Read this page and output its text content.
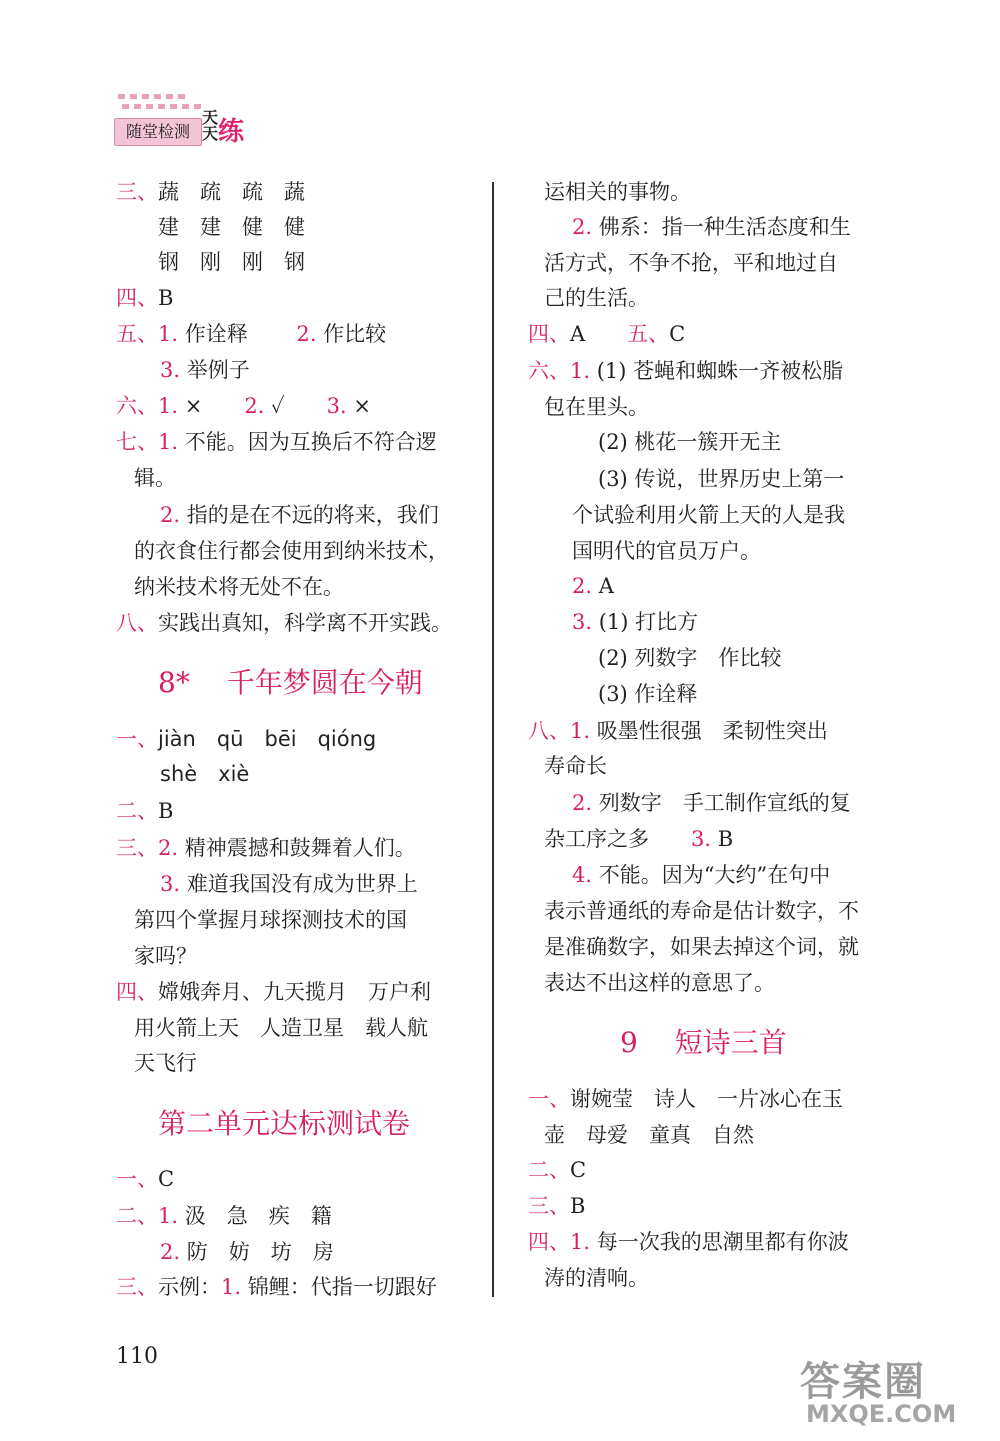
随堂检测
天天 练
三、蔬　疏　疏　蔬
建　建　健　健
钢　刚　刚　钢
四、B
五、1. 作诠释　　 2. 作比较
3. 举例子
六、1. ×　　 2. ✓　　 3. ×
七、1. 不能。因为互换后不符合逻
辑。
2. 指的是在不远的将来，我们
的衣食住行都会使用到纳米技术，
纳米技术将无处不在。
八、实践出真知，科学离不开实践。
8*　 千年梦圆在今朝
一、jiàn　qū　bēi　qióng
shè　xiè
二、B
三、2. 精神震撼和鼓舞着人们。
3. 难道我国没有成为世界上
第四个掌握月球探测技术的国
家吗？
四、嫦娥奔月、九天揽月　万户利
用火箭上天　人造卫星　载人航
天飞行
第二单元达标测试卷
一、C
二、1. 汲　急　疾　籍
2. 防　妨　坊　房
三、示例：1. 锦鲤：代指一切跟好
运相关的事物。
2. 佛系：指一种生活态度和生
活方式，不争不抢，平和地过自
己的生活。
四、A　　 五、C
六、1. (1) 苍蝇和蜘蛛一齐被松脂
包在里头。
(2) 桃花一簇开无主
(3) 传说，世界历史上第一
个试验利用火箭上天的人是我
国明代的官员万户。
2. A
3. (1) 打比方
(2) 列数字　作比较
(3) 作诠释
八、1. 吸墨性很强　柔韧性突出
寿命长
2. 列数字　手工制作宣纸的复
杂工序之多　　 3. B
4. 不能。因为“大约”在句中
表示普通纸的寿命是估计数字，不
是准确数字，如果去掉这个词，就
表达不出这样的意思了。
9　 短诗三首
一、谢婉莹　诗人　一片冰心在玉
壶　母爱　童真　自然
二、C
三、B
四、1. 每一次我的思潮里都有你波
涛的清响。
110
答案圈
MXQE.COM
